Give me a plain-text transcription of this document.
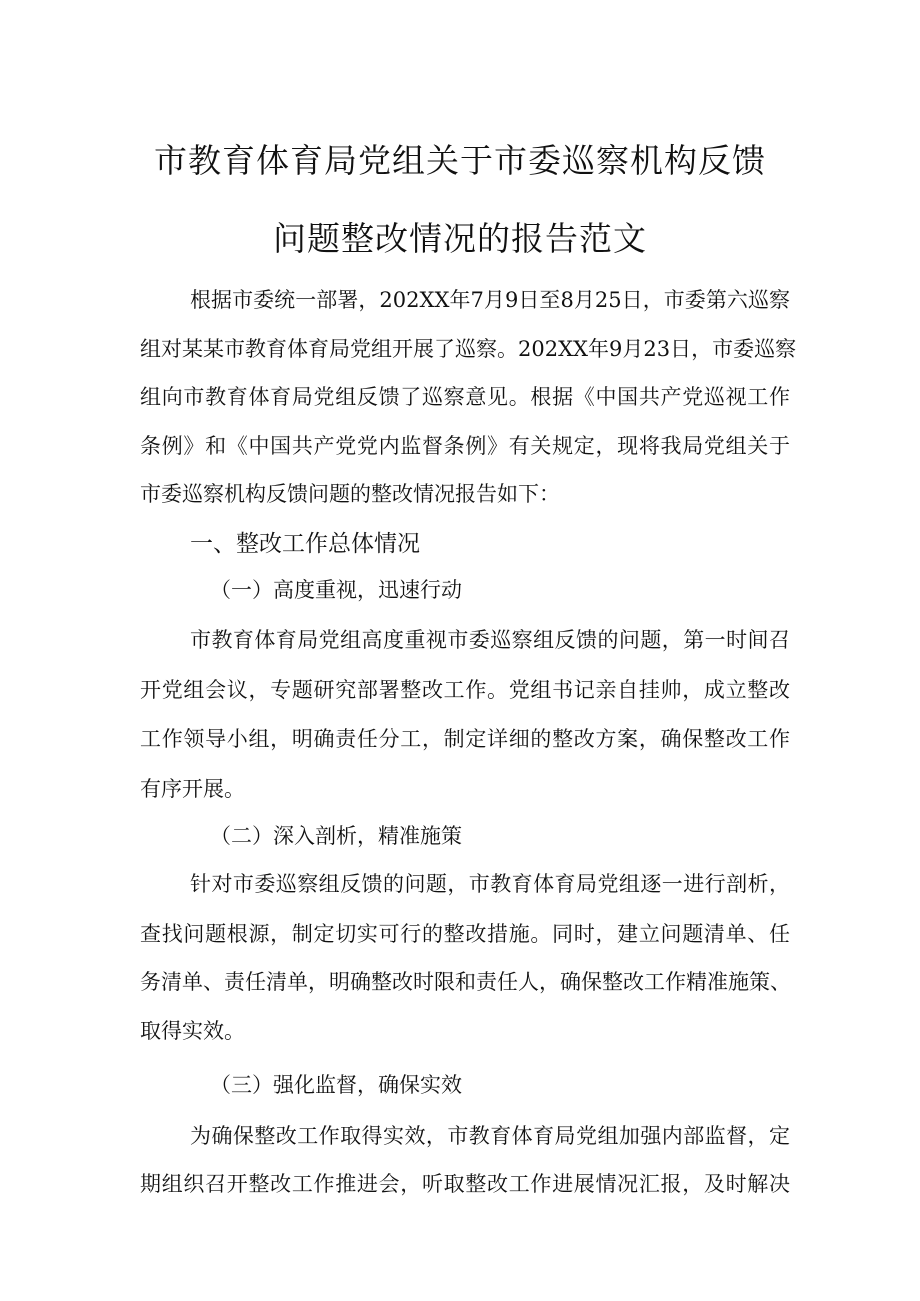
市教育体育局党组关于市委巡察机构反馈
问题整改情况的报告范文
根据市委统一部署，202XX年7月9日至8月25日，市委第六巡察
组对某某市教育体育局党组开展了巡察。202XX年9月23日，市委巡察
组向市教育体育局党组反馈了巡察意见。根据《中国共产党巡视工作
条例》和《中国共产党党内监督条例》有关规定，现将我局党组关于
市委巡察机构反馈问题的整改情况报告如下：
一、整改工作总体情况
（一）高度重视，迅速行动
市教育体育局党组高度重视市委巡察组反馈的问题，第一时间召
开党组会议，专题研究部署整改工作。党组书记亲自挂帅，成立整改
工作领导小组，明确责任分工，制定详细的整改方案，确保整改工作
有序开展。
（二）深入剖析，精准施策
针对市委巡察组反馈的问题，市教育体育局党组逐一进行剖析，
查找问题根源，制定切实可行的整改措施。同时，建立问题清单、任
务清单、责任清单，明确整改时限和责任人，确保整改工作精准施策、
取得实效。
（三）强化监督，确保实效
为确保整改工作取得实效，市教育体育局党组加强内部监督，定
期组织召开整改工作推进会，听取整改工作进展情况汇报，及时解决
